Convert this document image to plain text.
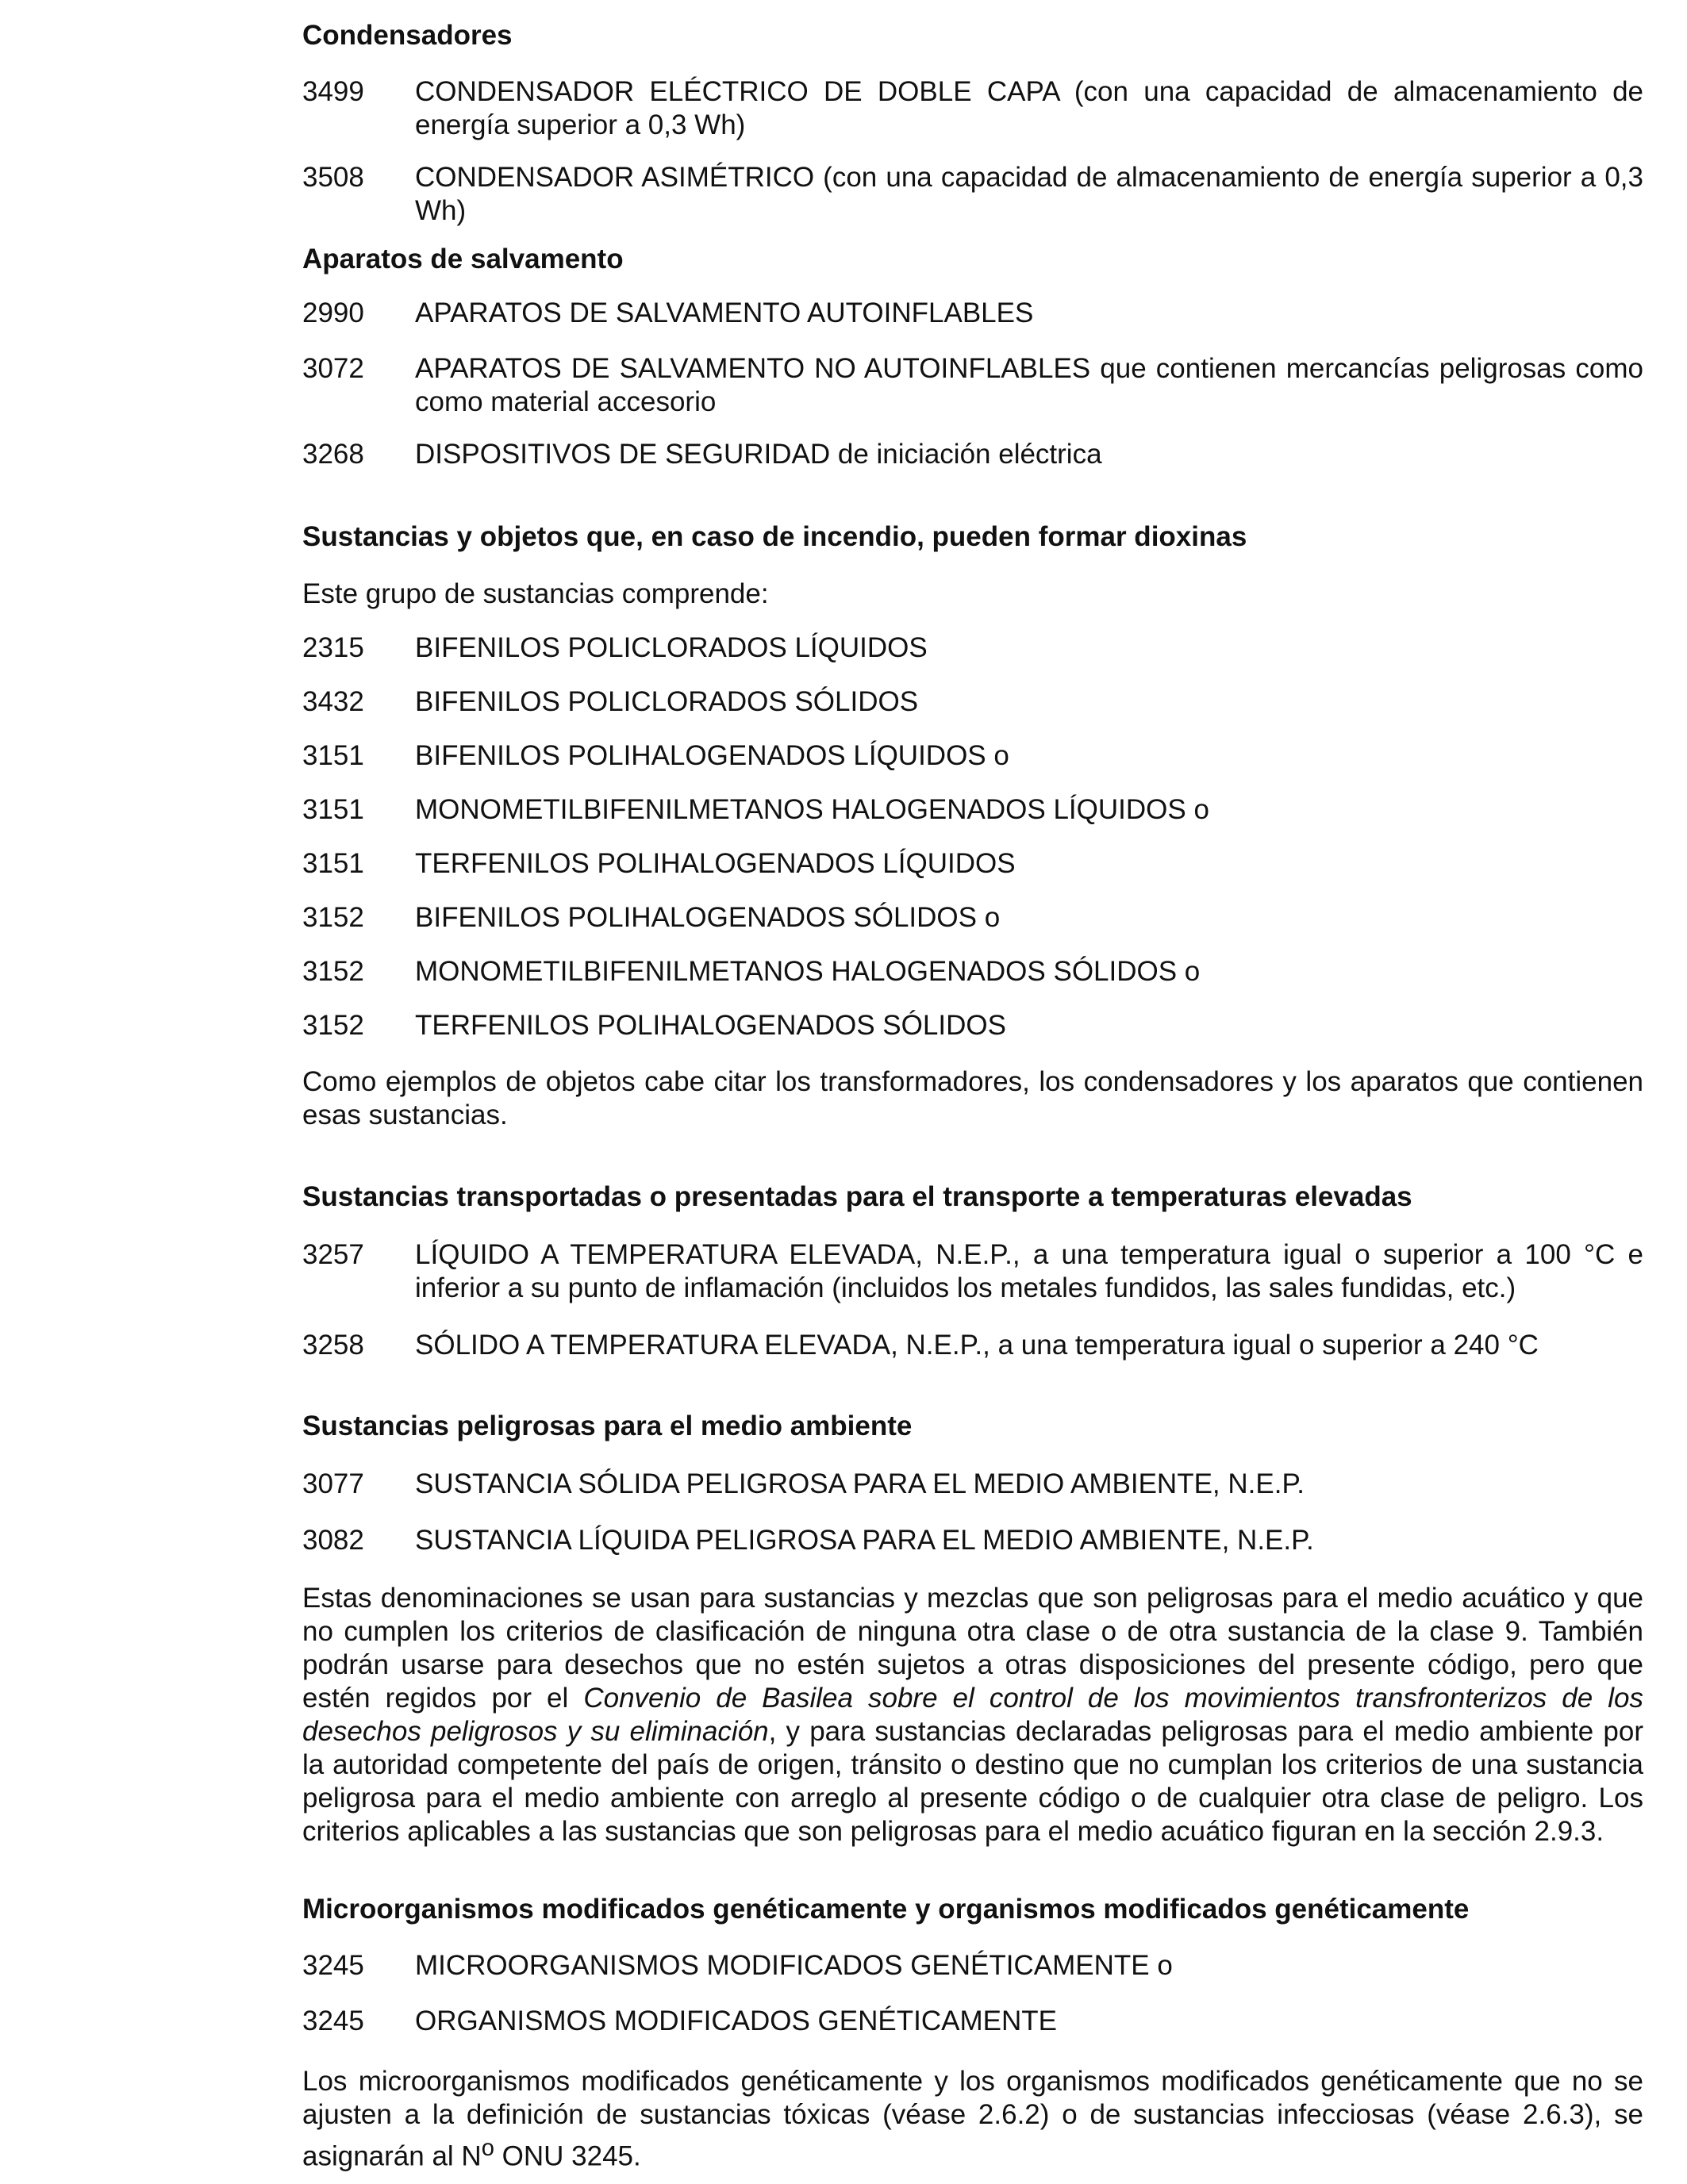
Condensadores
3499	CONDENSADOR ELÉCTRICO DE DOBLE CAPA (con una capacidad de almacenamiento de energía superior a 0,3 Wh)
3508	CONDENSADOR ASIMÉTRICO (con una capacidad de almacenamiento de energía superior a 0,3 Wh)
Aparatos de salvamento
2990	APARATOS DE SALVAMENTO AUTOINFLABLES
3072	APARATOS DE SALVAMENTO NO AUTOINFLABLES que contienen mercancías peligrosas como como material accesorio
3268	DISPOSITIVOS DE SEGURIDAD de iniciación eléctrica
Sustancias y objetos que, en caso de incendio, pueden formar dioxinas
Este grupo de sustancias comprende:
2315	BIFENILOS POLICLORADOS LÍQUIDOS
3432	BIFENILOS POLICLORADOS SÓLIDOS
3151	BIFENILOS POLIHALOGENADOS LÍQUIDOS o
3151	MONOMETILBIFENILMETANOS HALOGENADOS LÍQUIDOS o
3151	TERFENILOS POLIHALOGENADOS LÍQUIDOS
3152	BIFENILOS POLIHALOGENADOS SÓLIDOS o
3152	MONOMETILBIFENILMETANOS HALOGENADOS SÓLIDOS o
3152	TERFENILOS POLIHALOGENADOS SÓLIDOS
Como ejemplos de objetos cabe citar los transformadores, los condensadores y los aparatos que contienen esas sustancias.
Sustancias transportadas o presentadas para el transporte a temperaturas elevadas
3257	LÍQUIDO A TEMPERATURA ELEVADA, N.E.P., a una temperatura igual o superior a 100 °C e inferior a su punto de inflamación (incluidos los metales fundidos, las sales fundidas, etc.)
3258	SÓLIDO A TEMPERATURA ELEVADA, N.E.P., a una temperatura igual o superior a 240 °C
Sustancias peligrosas para el medio ambiente
3077	SUSTANCIA SÓLIDA PELIGROSA PARA EL MEDIO AMBIENTE, N.E.P.
3082	SUSTANCIA LÍQUIDA PELIGROSA PARA EL MEDIO AMBIENTE, N.E.P.
Estas denominaciones se usan para sustancias y mezclas que son peligrosas para el medio acuático y que no cumplen los criterios de clasificación de ninguna otra clase o de otra sustancia de la clase 9. También podrán usarse para desechos que no estén sujetos a otras disposiciones del presente código, pero que estén regidos por el Convenio de Basilea sobre el control de los movimientos transfronterizos de los desechos peligrosos y su eliminación, y para sustancias declaradas peligrosas para el medio ambiente por la autoridad competente del país de origen, tránsito o destino que no cumplan los criterios de una sustancia peligrosa para el medio ambiente con arreglo al presente código o de cualquier otra clase de peligro. Los criterios aplicables a las sustancias que son peligrosas para el medio acuático figuran en la sección 2.9.3.
Microorganismos modificados genéticamente y organismos modificados genéticamente
3245	MICROORGANISMOS MODIFICADOS GENÉTICAMENTE o
3245	ORGANISMOS MODIFICADOS GENÉTICAMENTE
Los microorganismos modificados genéticamente y los organismos modificados genéticamente que no se ajusten a la definición de sustancias tóxicas (véase 2.6.2) o de sustancias infecciosas (véase 2.6.3), se asignarán al $N^o$ ONU 3245.
